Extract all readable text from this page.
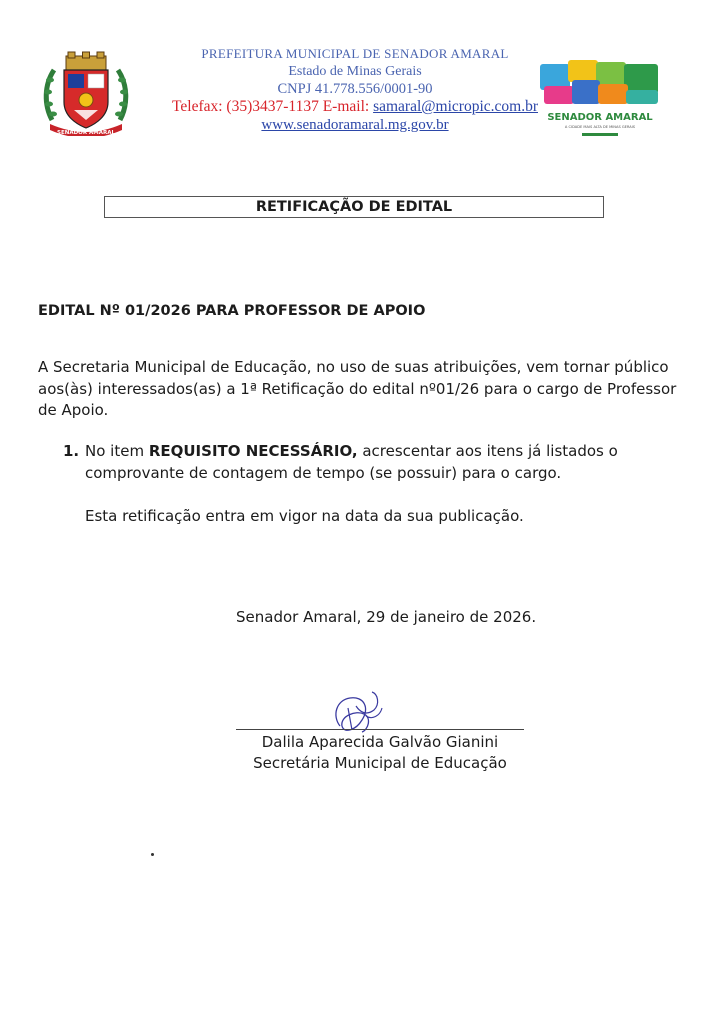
SENADOR AMARAL
PREFEITURA MUNICIPAL DE SENADOR AMARAL
Estado de Minas Gerais
CNPJ 41.778.556/0001-90
Telefax: (35)3437-1137 E-mail: samaral@micropic.com.br
www.senadoramaral.mg.gov.br	SENADOR AMARAL
A CIDADE MAIS ALTA DE MINAS GERAIS
RETIFICAÇÃO DE EDITAL
EDITAL Nº 01/2026 PARA PROFESSOR DE APOIO
A Secretaria Municipal de Educação, no uso de suas atribuições, vem tornar público aos(às) interessados(as) a 1ª Retificação do edital nº01/26 para o cargo de Professor de Apoio.
1. No item REQUISITO NECESSÁRIO, acrescentar aos itens já listados o comprovante de contagem de tempo (se possuir) para o cargo.
Esta retificação entra em vigor na data da sua publicação.
Senador Amaral, 29 de janeiro de 2026.
Dalila Aparecida Galvão Gianini
Secretária Municipal de Educação
